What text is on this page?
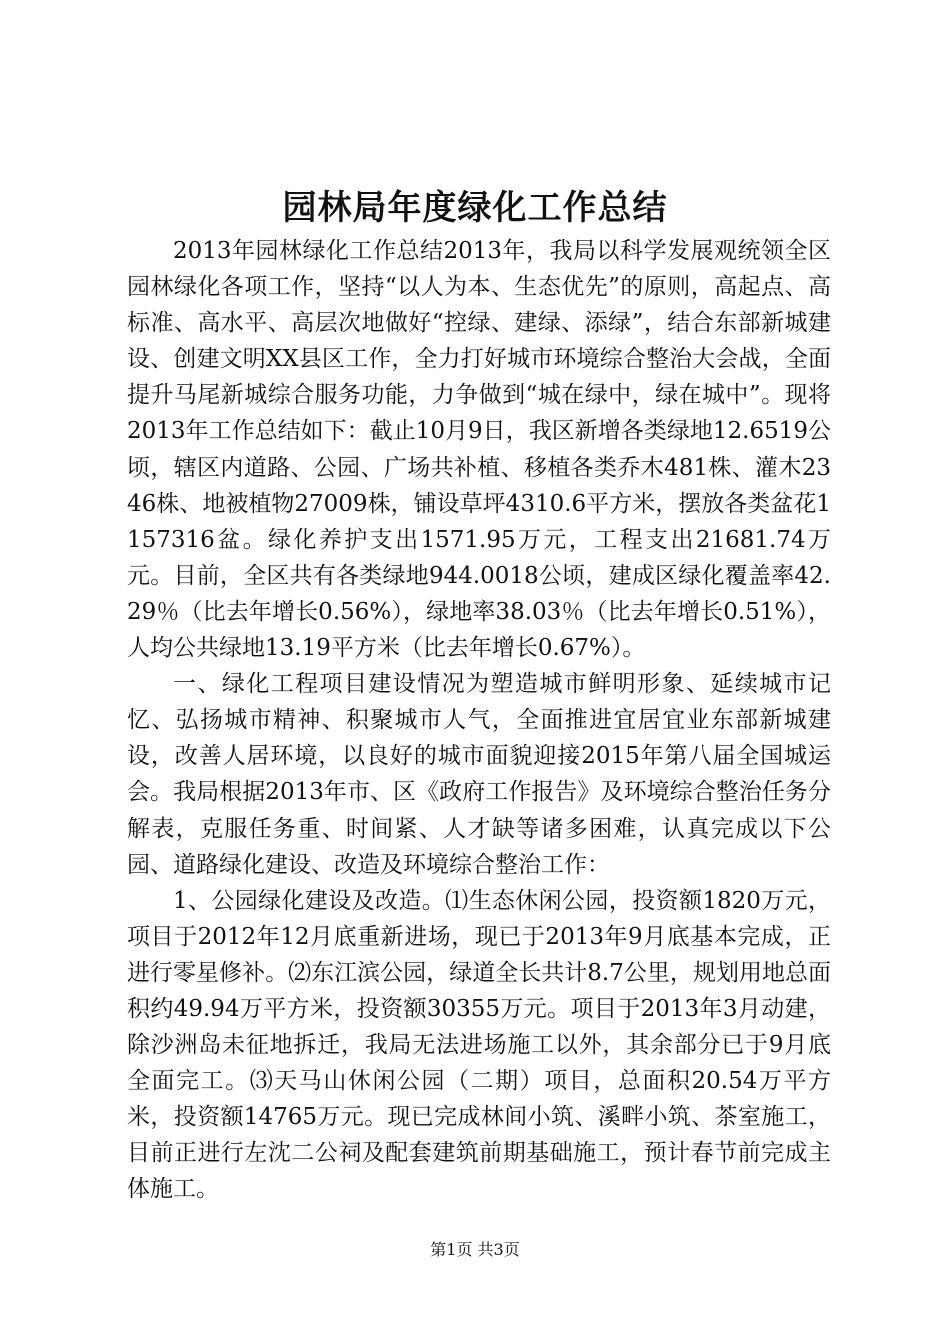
园林局年度绿化工作总结

2013年园林绿化工作总结2013年，我局以科学发展观统领全区园林绿化各项工作，坚持“以人为本、生态优先”的原则，高起点、高标准、高水平、高层次地做好“控绿、建绿、添绿”，结合东部新城建设、创建文明XX县区工作，全力打好城市环境综合整治大会战，全面提升马尾新城综合服务功能，力争做到“城在绿中，绿在城中”。现将2013年工作总结如下：截止10月9日，我区新增各类绿地12.6519公顷，辖区内道路、公园、广场共补植、移植各类乔木481株、灌木2346株、地被植物27009株，铺设草坪4310.6平方米，摆放各类盆花1157316盆。绿化养护支出1571.95万元，工程支出21681.74万元。目前，全区共有各类绿地944.0018公顷，建成区绿化覆盖率42.29％（比去年增长0.56%），绿地率38.03％（比去年增长0.51%），人均公共绿地13.19平方米（比去年增长0.67%）。

一、绿化工程项目建设情况为塑造城市鲜明形象、延续城市记忆、弘扬城市精神、积聚城市人气，全面推进宜居宜业东部新城建设，改善人居环境，以良好的城市面貌迎接2015年第八届全国城运会。我局根据2013年市、区《政府工作报告》及环境综合整治任务分解表，克服任务重、时间紧、人才缺等诸多困难，认真完成以下公园、道路绿化建设、改造及环境综合整治工作：

1、公园绿化建设及改造。⑴生态休闲公园，投资额1820万元，项目于2012年12月底重新进场，现已于2013年9月底基本完成，正进行零星修补。⑵东江滨公园，绿道全长共计8.7公里，规划用地总面积约49.94万平方米，投资额30355万元。项目于2013年3月动建，除沙洲岛未征地拆迁，我局无法进场施工以外，其余部分已于9月底全面完工。⑶天马山休闲公园（二期）项目，总面积20.54万平方米，投资额14765万元。现已完成林间小筑、溪畔小筑、茶室施工，目前正进行左沈二公祠及配套建筑前期基础施工，预计春节前完成主体施工。

第1页 共3页
